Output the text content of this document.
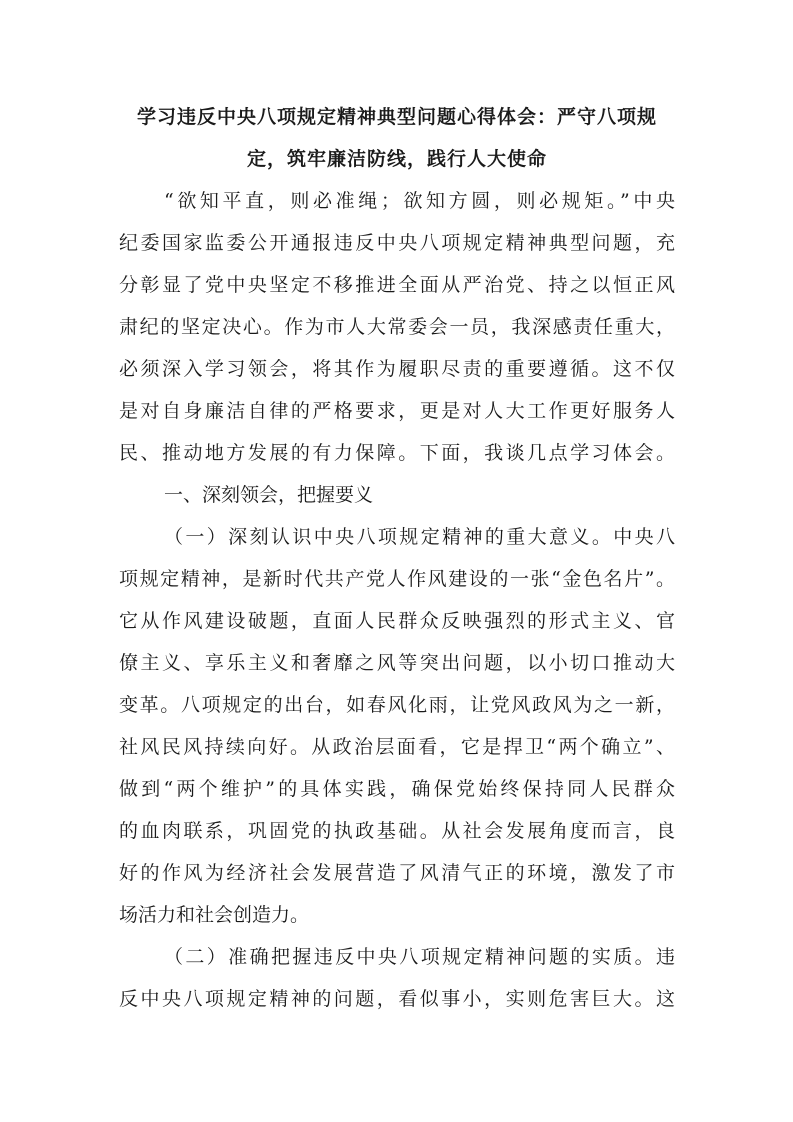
学习违反中央八项规定精神典型问题心得体会：严守八项规
定，筑牢廉洁防线，践行人大使命
“欲知平直，则必准绳；欲知方圆，则必规矩。”中央
纪委国家监委公开通报违反中央八项规定精神典型问题，充
分彰显了党中央坚定不移推进全面从严治党、持之以恒正风
肃纪的坚定决心。作为市人大常委会一员，我深感责任重大，
必须深入学习领会，将其作为履职尽责的重要遵循。这不仅
是对自身廉洁自律的严格要求，更是对人大工作更好服务人
民、推动地方发展的有力保障。下面，我谈几点学习体会。
一、深刻领会，把握要义
（一）深刻认识中央八项规定精神的重大意义。中央八
项规定精神，是新时代共产党人作风建设的一张“金色名片”。
它从作风建设破题，直面人民群众反映强烈的形式主义、官
僚主义、享乐主义和奢靡之风等突出问题，以小切口推动大
变革。八项规定的出台，如春风化雨，让党风政风为之一新，
社风民风持续向好。从政治层面看，它是捍卫“两个确立”、
做到“两个维护”的具体实践，确保党始终保持同人民群众
的血肉联系，巩固党的执政基础。从社会发展角度而言，良
好的作风为经济社会发展营造了风清气正的环境，激发了市
场活力和社会创造力。
（二）准确把握违反中央八项规定精神问题的实质。违
反中央八项规定精神的问题，看似事小，实则危害巨大。这
